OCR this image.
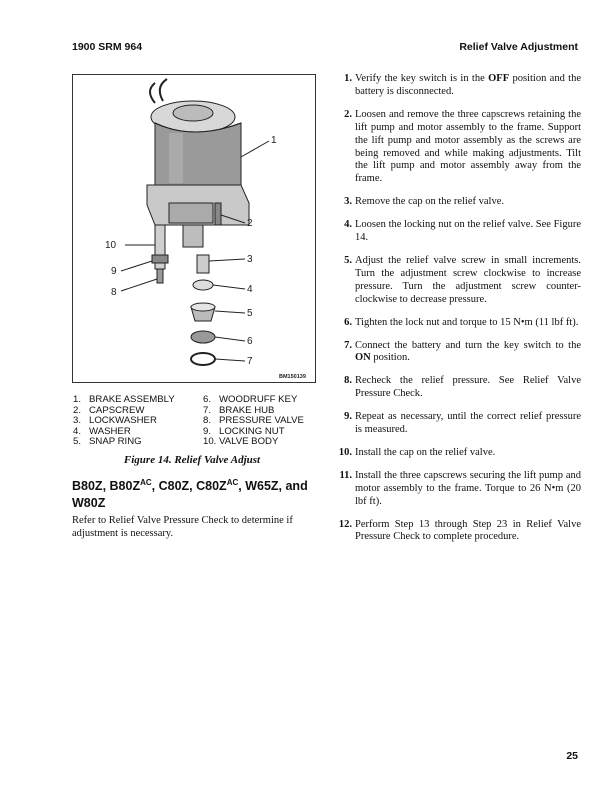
1900 SRM 964	Relief Valve Adjustment
1
2
3
4
5
6
7
8
9
10
BM150139
1. BRAKE ASSEMBLY	6. WOODRUFF KEY
2. CAPSCREW	7. BRAKE HUB
3. LOCKWASHER	8. PRESSURE VALVE
4. WASHER	9. LOCKING NUT
5. SNAP RING	10. VALVE BODY
Figure 14. Relief Valve Adjust
B80Z, $B80Z^{AC}$, C80Z, $C80Z^{AC}$, W65Z, and W80Z
Refer to Relief Valve Pressure Check to determine if adjustment is necessary.
1. Verify the key switch is in the OFF position and the battery is disconnected.
2. Loosen and remove the three capscrews retaining the lift pump and motor assembly to the frame. Support the lift pump and motor assembly as the screws are being removed and while making adjustments. Tilt the lift pump and motor assembly away from the frame.
3. Remove the cap on the relief valve.
4. Loosen the locking nut on the relief valve. See Figure 14.
5. Adjust the relief valve screw in small increments. Turn the adjustment screw clockwise to increase pressure. Turn the adjustment screw counter-clockwise to decrease pressure.
6. Tighten the lock nut and torque to 15 N•m (11 lbf ft).
7. Connect the battery and turn the key switch to the ON position.
8. Recheck the relief pressure. See Relief Valve Pressure Check.
9. Repeat as necessary, until the correct relief pressure is measured.
10. Install the cap on the relief valve.
11. Install the three capscrews securing the lift pump and motor assembly to the frame. Torque to 26 N•m (20 lbf ft).
12. Perform Step 13 through Step 23 in Relief Valve Pressure Check to complete procedure.
25
